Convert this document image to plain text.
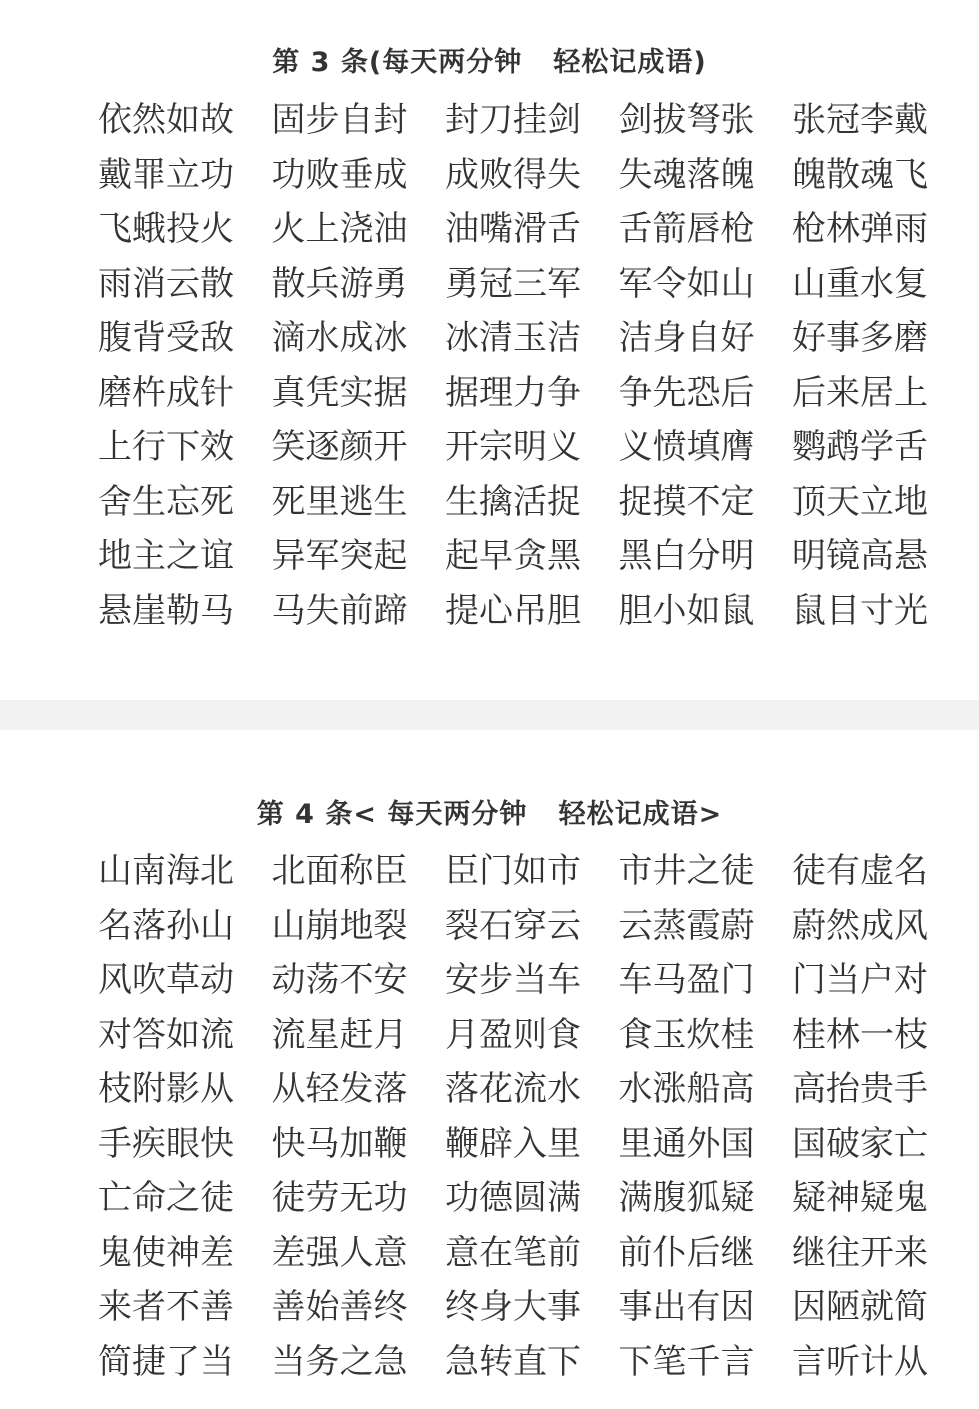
第 3 条(每天两分钟   轻松记成语)
依然如故	固步自封	封刀挂剑	剑拔弩张	张冠李戴
戴罪立功	功败垂成	成败得失	失魂落魄	魄散魂飞
飞蛾投火	火上浇油	油嘴滑舌	舌箭唇枪	枪林弹雨
雨消云散	散兵游勇	勇冠三军	军令如山	山重水复
腹背受敌	滴水成冰	冰清玉洁	洁身自好	好事多磨
磨杵成针	真凭实据	据理力争	争先恐后	后来居上
上行下效	笑逐颜开	开宗明义	义愤填膺	鹦鹉学舌
舍生忘死	死里逃生	生擒活捉	捉摸不定	顶天立地
地主之谊	异军突起	起早贪黑	黑白分明	明镜高悬
悬崖勒马	马失前蹄	提心吊胆	胆小如鼠	鼠目寸光
第 4 条< 每天两分钟   轻松记成语>
山南海北	北面称臣	臣门如市	市井之徒	徒有虚名
名落孙山	山崩地裂	裂石穿云	云蒸霞蔚	蔚然成风
风吹草动	动荡不安	安步当车	车马盈门	门当户对
对答如流	流星赶月	月盈则食	食玉炊桂	桂林一枝
枝附影从	从轻发落	落花流水	水涨船高	高抬贵手
手疾眼快	快马加鞭	鞭辟入里	里通外国	国破家亡
亡命之徒	徒劳无功	功德圆满	满腹狐疑	疑神疑鬼
鬼使神差	差强人意	意在笔前	前仆后继	继往开来
来者不善	善始善终	终身大事	事出有因	因陋就简
简捷了当	当务之急	急转直下	下笔千言	言听计从
